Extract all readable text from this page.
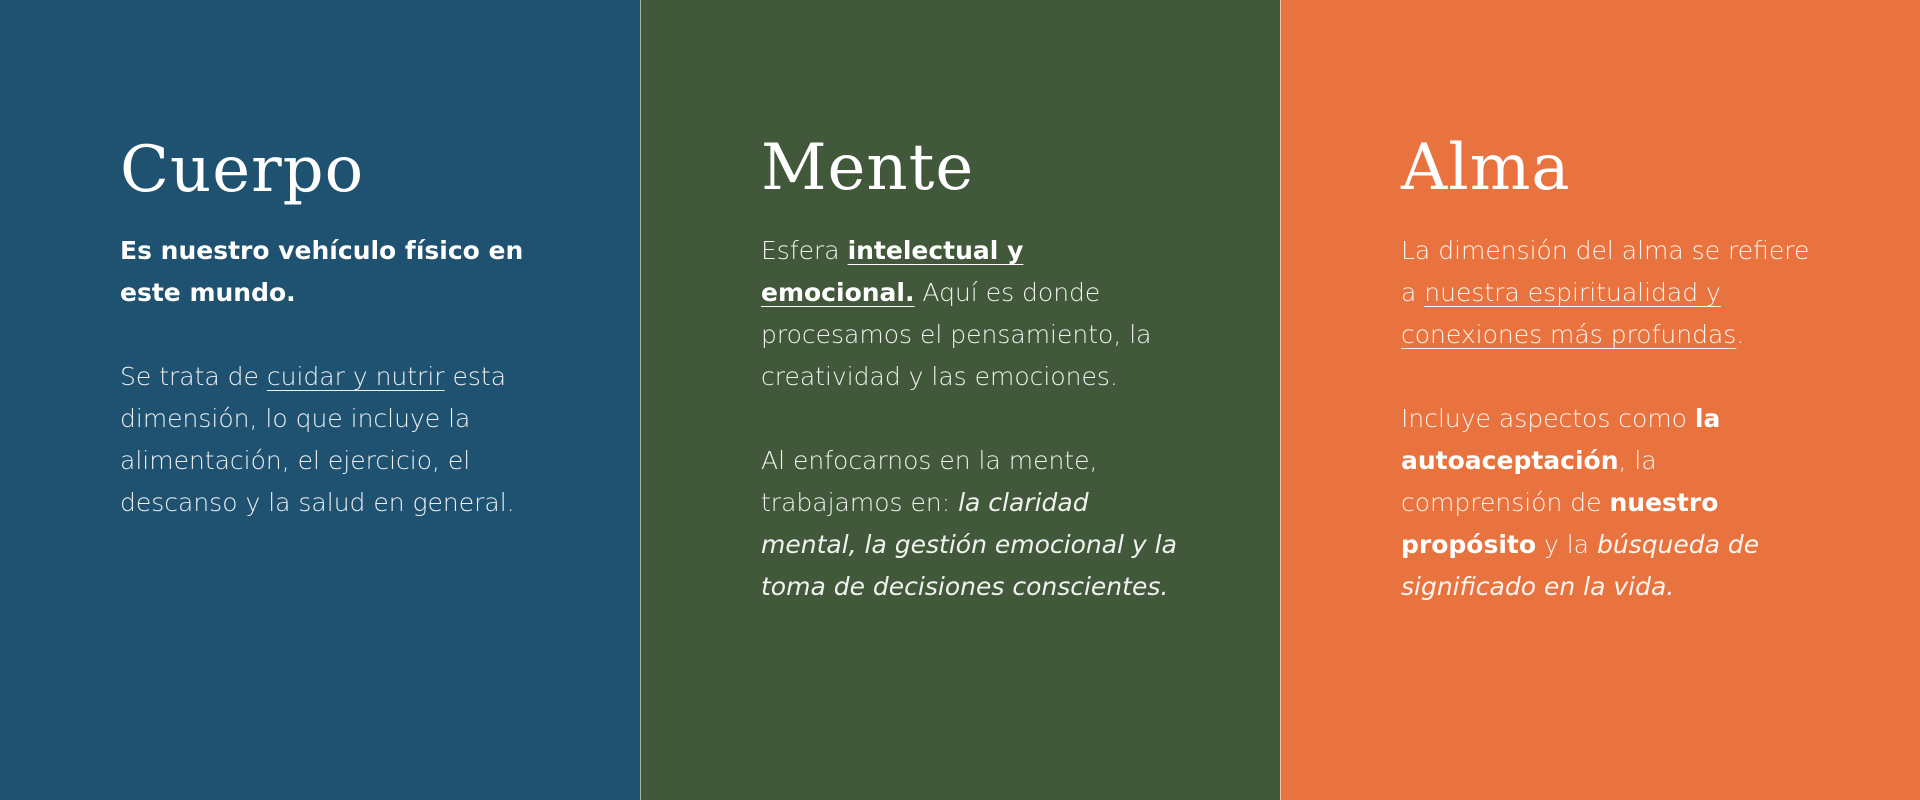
Cuerpo

Es nuestro vehículo físico en este mundo.

Se trata de cuidar y nutrir esta dimensión, lo que incluye la alimentación, el ejercicio, el descanso y la salud en general.

Mente

Esfera intelectual y emocional. Aquí es donde procesamos el pensamiento, la creatividad y las emociones.

Al enfocarnos en la mente, trabajamos en: la claridad mental, la gestión emocional y la toma de decisiones conscientes.

Alma

La dimensión del alma se refiere a nuestra espiritualidad y conexiones más profundas.

Incluye aspectos como la autoaceptación, la comprensión de nuestro propósito y la búsqueda de significado en la vida.
